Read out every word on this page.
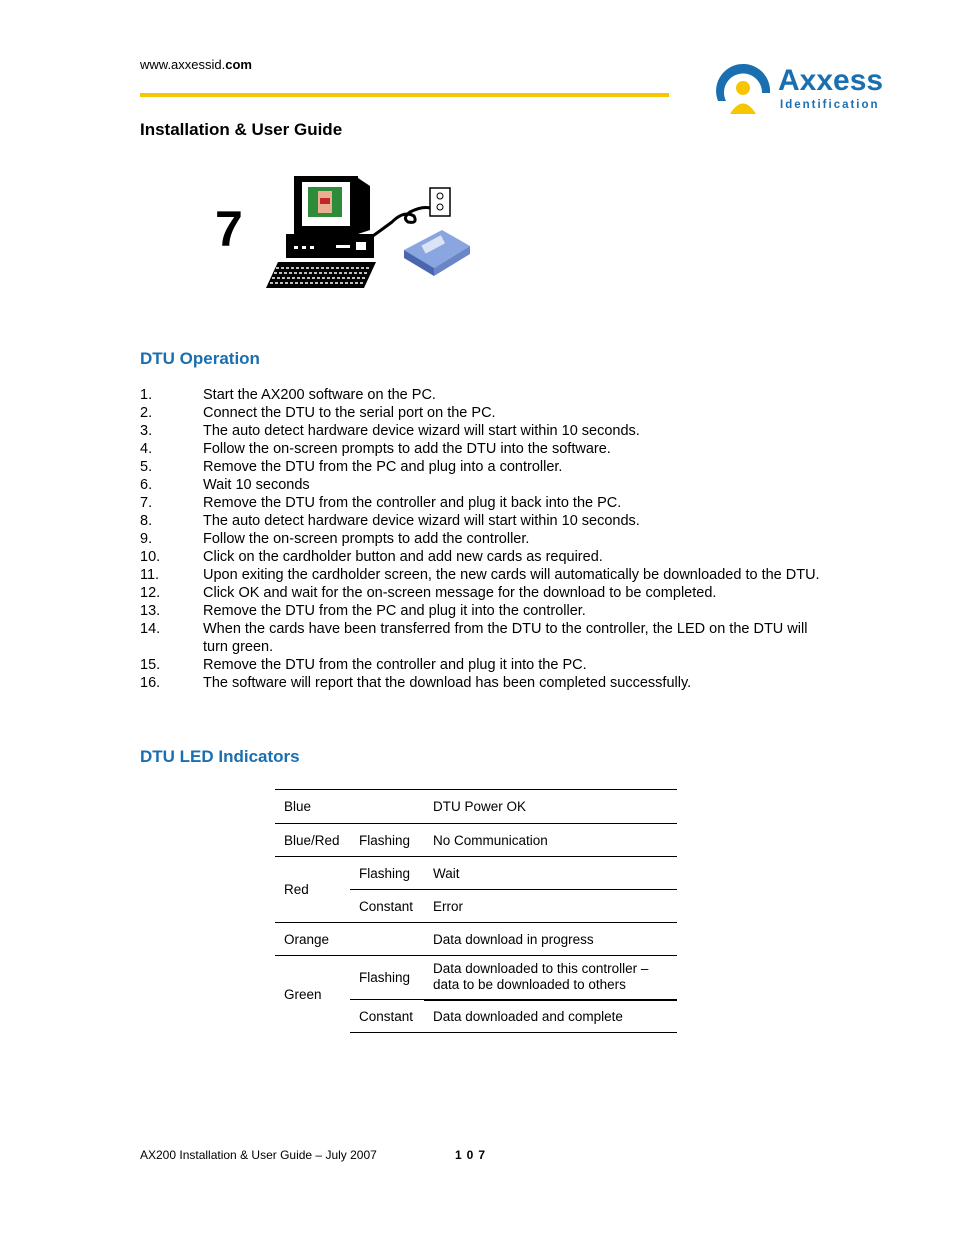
www.axxessid.com	Axxess
Identification
Installation & User Guide
7
DTU Operation
1.	Start the AX200 software on the PC.
2.	Connect the DTU to the serial port on the PC.
3.	The auto detect hardware device wizard will start within 10 seconds.
4.	Follow the on-screen prompts to add the DTU into the software.
5.	Remove the DTU from the PC and plug into a controller.
6.	Wait 10 seconds
7.	Remove the DTU from the controller and plug it back into the PC.
8.	The auto detect hardware device wizard will start within 10 seconds.
9.	Follow the on-screen prompts to add the controller.
10.	Click on the cardholder button and add new cards as required.
11.	Upon exiting the cardholder screen, the new cards will automatically be downloaded to the DTU.
12.	Click OK and wait for the on-screen message for the download to be completed.
13.	Remove the DTU from the PC and plug it into the controller.
14.	When the cards have been transferred from the DTU to the controller, the LED on the DTU will turn green.
15.	Remove the DTU from the controller and plug it into the PC.
16.	The software will report that the download has been completed successfully.
DTU LED Indicators
Blue		DTU Power OK
Blue/Red	Flashing	No Communication
Red	Flashing	Wait
	Constant	Error
Orange		Data download in progress
Green	Flashing	Data downloaded to this controller –
data to be downloaded to others
	Constant	Data downloaded and complete
AX200 Installation & User Guide – July 2007	107
